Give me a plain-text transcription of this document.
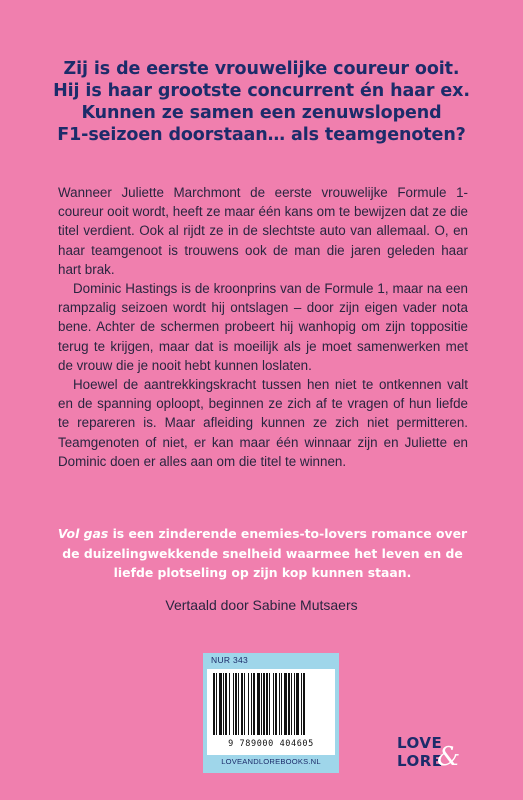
Zij is de eerste vrouwelijke coureur ooit.
Hij is haar grootste concurrent én haar ex.
Kunnen ze samen een zenuwslopend
F1-seizoen doorstaan… als teamgenoten?

Wanneer Juliette Marchmont de eerste vrouwelijke Formule 1-coureur ooit wordt, heeft ze maar één kans om te bewijzen dat ze die titel verdient. Ook al rijdt ze in de slechtste auto van allemaal. O, en haar teamgenoot is trouwens ook de man die jaren geleden haar hart brak.

Dominic Hastings is de kroonprins van de Formule 1, maar na een rampzalig seizoen wordt hij ontslagen – door zijn eigen vader nota bene. Achter de schermen probeert hij wanhopig om zijn toppositie terug te krijgen, maar dat is moeilijk als je moet samenwerken met de vrouw die je nooit hebt kunnen loslaten.

Hoewel de aantrekkingskracht tussen hen niet te ontkennen valt en de spanning oploopt, beginnen ze zich af te vragen of hun liefde te repareren is. Maar afleiding kunnen ze zich niet permitteren. Teamgenoten of niet, er kan maar één winnaar zijn en Juliette en Dominic doen er alles aan om die titel te winnen.

Vol gas is een zinderende enemies-to-lovers romance over de duizelingwekkende snelheid waarmee het leven en de liefde plotseling op zijn kop kunnen staan.
Vertaald door Sabine Mutsaers
NUR 343
9 789000 404605
LOVEANDLOREBOOKS.NL
LOVE
LORE
&
